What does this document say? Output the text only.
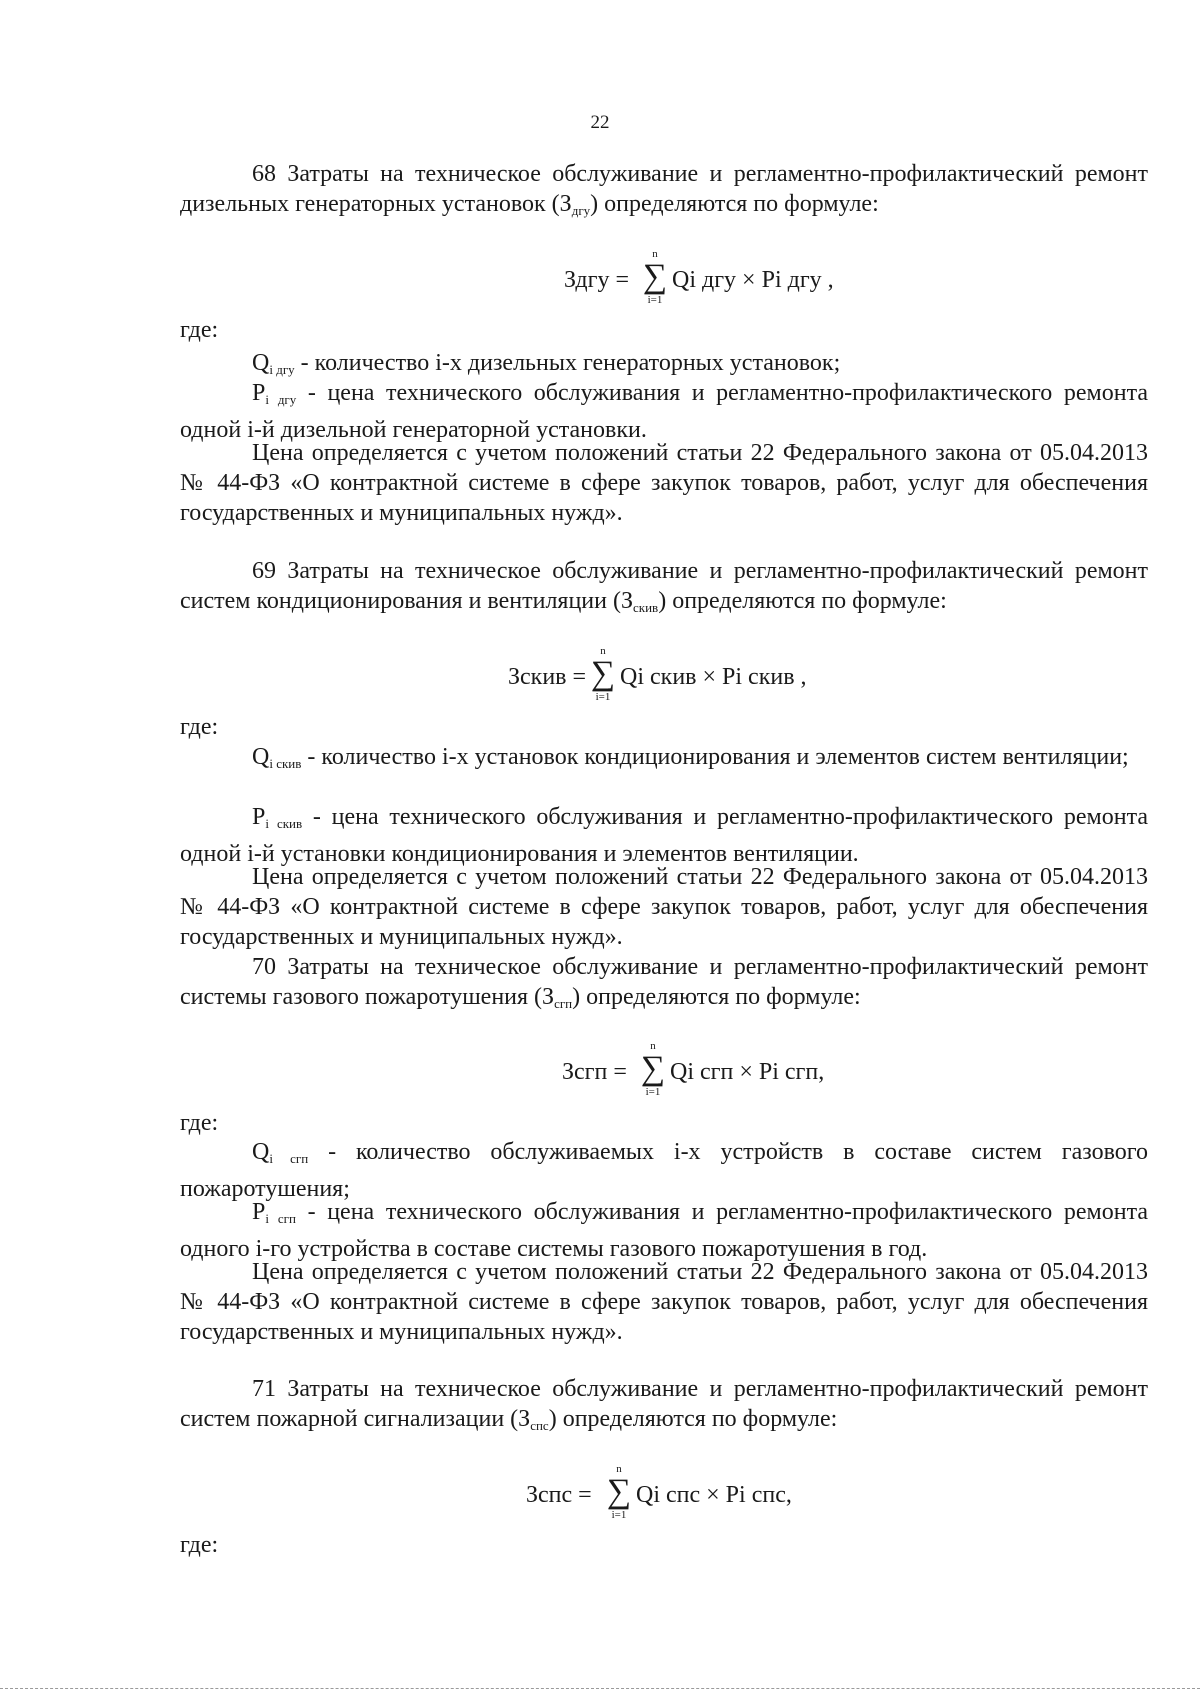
22

68 Затраты на техническое обслуживание и регламентно-профилактический ремонт дизельных генераторных установок $(З_{дгу})$ определяются по формуле:

Здгу =
n
∑
i=1
Qi дгу × Pi дгу ,
где:

$Q_{i дгу}$ - количество i-х дизельных генераторных установок;

$P_{i дгу}$ - цена технического обслуживания и регламентно-профилактического ремонта одной i-й дизельной генераторной установки.

Цена определяется с учетом положений статьи 22 Федерального закона от 05.04.2013 № 44-ФЗ «О контрактной системе в сфере закупок товаров, работ, услуг для обеспечения государственных и муниципальных нужд».

69 Затраты на техническое обслуживание и регламентно-профилактический ремонт систем кондиционирования и вентиляции $(З_{скив})$ определяются по формуле:

Зскив =
n
∑
i=1
Qi скив × Pi скив ,
где:

$Q_{i скив}$ - количество i-х установок кондиционирования и элементов систем вентиляции;

$P_{i скив}$ - цена технического обслуживания и регламентно-профилактического ремонта одной i-й установки кондиционирования и элементов вентиляции.

Цена определяется с учетом положений статьи 22 Федерального закона от 05.04.2013 № 44-ФЗ «О контрактной системе в сфере закупок товаров, работ, услуг для обеспечения государственных и муниципальных нужд».

70 Затраты на техническое обслуживание и регламентно-профилактический ремонт системы газового пожаротушения $(З_{сгп})$ определяются по формуле:

Зсгп =
n
∑
i=1
Qi сгп × Pi сгп,
где:

$Q_{i сгп}$ - количество обслуживаемых i-х устройств в составе систем газового пожаротушения;

$P_{i сгп}$ - цена технического обслуживания и регламентно-профилактического ремонта одного i-го устройства в составе системы газового пожаротушения в год.

Цена определяется с учетом положений статьи 22 Федерального закона от 05.04.2013 № 44-ФЗ «О контрактной системе в сфере закупок товаров, работ, услуг для обеспечения государственных и муниципальных нужд».

71 Затраты на техническое обслуживание и регламентно-профилактический ремонт систем пожарной сигнализации $(З_{спс})$ определяются по формуле:

Зспс =
n
∑
i=1
Qi спс × Pi спс,
где:
